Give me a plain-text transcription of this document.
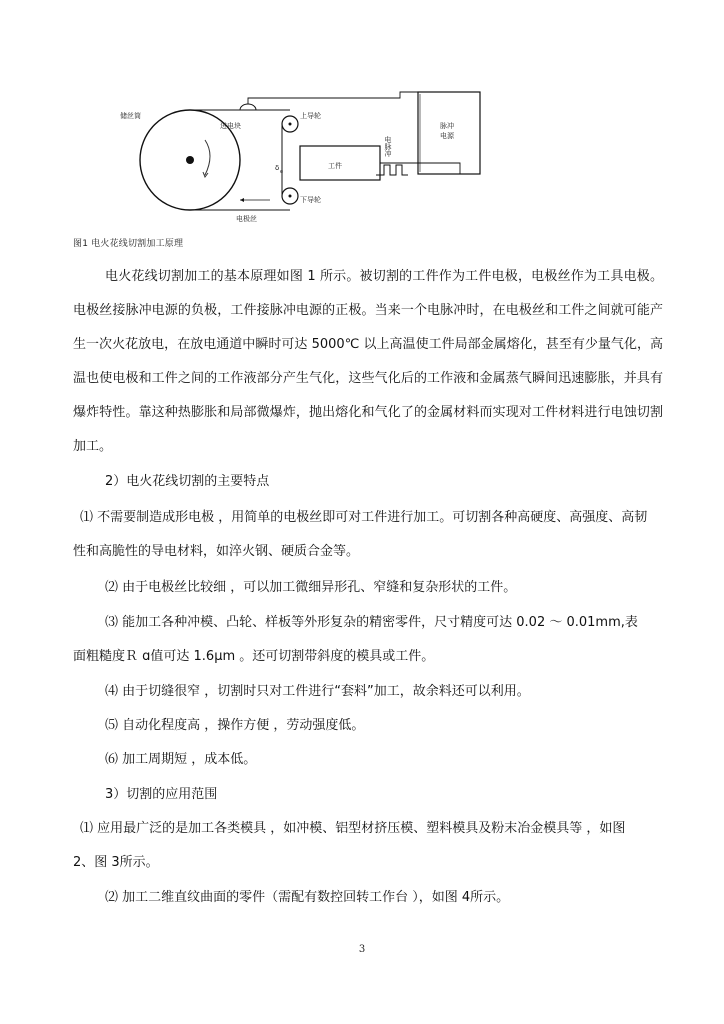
储丝筒
进电块
上导轮
工件
δ e
下导轮
电极丝
电脉冲
脉冲
电源
图1 电火花线切割加工原理

电火花线切割加工的基本原理如图 1 所示。被切割的工件作为工件电极，电极丝作为工具电极。电极丝接脉冲电源的负极，工件接脉冲电源的正极。当来一个电脉冲时，在电极丝和工件之间就可能产生一次火花放电，在放电通道中瞬时可达 5000℃ 以上高温使工件局部金属熔化，甚至有少量气化，高温也使电极和工件之间的工作液部分产生气化，这些气化后的工作液和金属蒸气瞬间迅速膨胀，并具有爆炸特性。靠这种热膨胀和局部微爆炸，抛出熔化和气化了的金属材料而实现对工件材料进行电蚀切割加工。

2）电火花线切割的主要特点
⑴ 不需要制造成形电极 ，用简单的电极丝即可对工件进行加工。可切割各种高硬度、高强度、高韧
性和高脆性的导电材料，如淬火钢、硬质合金等。
⑵ 由于电极丝比较细 ，可以加工微细异形孔、窄缝和复杂形状的工件。
⑶ 能加工各种冲模、凸轮、样板等外形复杂的精密零件，尺寸精度可达 0.02 ～ 0.01mm,表
面粗糙度Ｒ ɑ值可达 1.6μm 。还可切割带斜度的模具或工件。
⑷ 由于切缝很窄 ，切割时只对工件进行“套料”加工，故余料还可以利用。
⑸ 自动化程度高 ，操作方便 ，劳动强度低。
⑹ 加工周期短 ，成本低。
3）切割的应用范围
⑴ 应用最广泛的是加工各类模具 ，如冲模、铝型材挤压模、塑料模具及粉末冶金模具等 ，如图
2、图 3所示。
⑵ 加工二维直纹曲面的零件（需配有数控回转工作台 ），如图 4所示。
3
